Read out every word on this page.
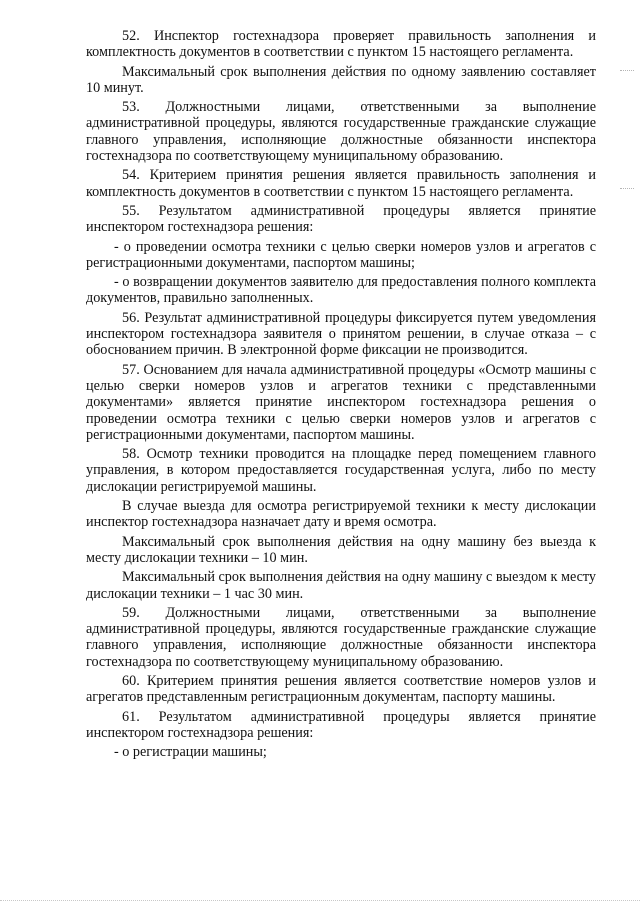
52. Инспектор гостехнадзора проверяет правильность заполнения и комплектность документов в соответствии с пунктом 15 настоящего регламента.

Максимальный срок выполнения действия по одному заявлению составляет 10 минут.

53. Должностными лицами, ответственными за выполнение административной процедуры, являются государственные гражданские служащие главного управления, исполняющие должностные обязанности инспектора гостехнадзора по соответствующему муниципальному образованию.

54. Критерием принятия решения является правильность заполнения и комплектность документов в соответствии с пунктом 15 настоящего регламента.

55. Результатом административной процедуры является принятие инспектором гостехнадзора решения:

- о проведении осмотра техники с целью сверки номеров узлов и агрегатов с регистрационными документами, паспортом машины;

- о возвращении документов заявителю для предоставления полного комплекта документов, правильно заполненных.

56. Результат административной процедуры фиксируется путем уведомления инспектором гостехнадзора заявителя о принятом решении, в случае отказа – с обоснованием причин. В электронной форме фиксации не производится.

57. Основанием для начала административной процедуры «Осмотр машины с целью сверки номеров узлов и агрегатов техники с представленными документами» является принятие инспектором гостехнадзора решения о проведении осмотра техники с целью сверки номеров узлов и агрегатов с регистрационными документами, паспортом машины.

58. Осмотр техники проводится на площадке перед помещением главного управления, в котором предоставляется государственная услуга, либо по месту дислокации регистрируемой машины.

В случае выезда для осмотра регистрируемой техники к месту дислокации инспектор гостехнадзора назначает дату и время осмотра.

Максимальный срок выполнения действия на одну машину без выезда к месту дислокации техники – 10 мин.

Максимальный срок выполнения действия на одну машину с выездом к месту дислокации техники – 1 час 30 мин.

59. Должностными лицами, ответственными за выполнение административной процедуры, являются государственные гражданские служащие главного управления, исполняющие должностные обязанности инспектора гостехнадзора по соответствующему муниципальному образованию.

60. Критерием принятия решения является соответствие номеров узлов и агрегатов представленным регистрационным документам, паспорту машины.

61. Результатом административной процедуры является принятие инспектором гостехнадзора решения:

- о регистрации машины;
